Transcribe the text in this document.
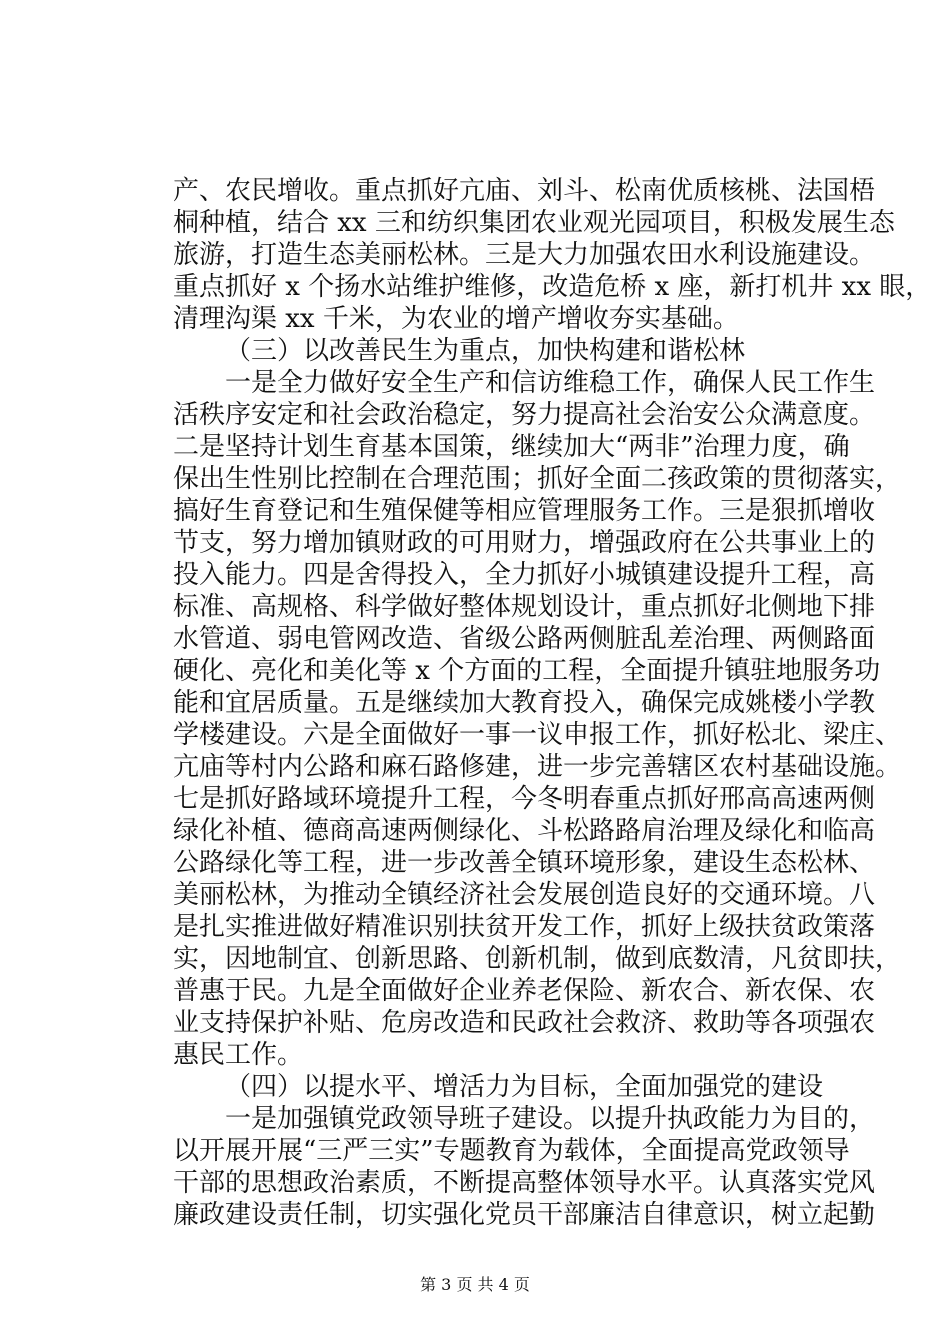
产、农民增收。重点抓好亢庙、刘斗、松南优质核桃、法国梧
桐种植，结合 xx 三和纺织集团农业观光园项目，积极发展生态
旅游，打造生态美丽松林。三是大力加强农田水利设施建设。
重点抓好 x 个扬水站维护维修，改造危桥 x 座，新打机井 xx 眼，
清理沟渠 xx 千米，为农业的增产增收夯实基础。
（三）以改善民生为重点，加快构建和谐松林
一是全力做好安全生产和信访维稳工作，确保人民工作生
活秩序安定和社会政治稳定，努力提高社会治安公众满意度。
二是坚持计划生育基本国策，继续加大“两非”治理力度，确
保出生性别比控制在合理范围；抓好全面二孩政策的贯彻落实，
搞好生育登记和生殖保健等相应管理服务工作。三是狠抓增收
节支，努力增加镇财政的可用财力，增强政府在公共事业上的
投入能力。四是舍得投入，全力抓好小城镇建设提升工程，高
标准、高规格、科学做好整体规划设计，重点抓好北侧地下排
水管道、弱电管网改造、省级公路两侧脏乱差治理、两侧路面
硬化、亮化和美化等 x 个方面的工程，全面提升镇驻地服务功
能和宜居质量。五是继续加大教育投入，确保完成姚楼小学教
学楼建设。六是全面做好一事一议申报工作，抓好松北、梁庄、
亢庙等村内公路和麻石路修建，进一步完善辖区农村基础设施。
七是抓好路域环境提升工程，今冬明春重点抓好邢高高速两侧
绿化补植、德商高速两侧绿化、斗松路路肩治理及绿化和临高
公路绿化等工程，进一步改善全镇环境形象，建设生态松林、
美丽松林，为推动全镇经济社会发展创造良好的交通环境。八
是扎实推进做好精准识别扶贫开发工作，抓好上级扶贫政策落
实，因地制宜、创新思路、创新机制，做到底数清，凡贫即扶，
普惠于民。九是全面做好企业养老保险、新农合、新农保、农
业支持保护补贴、危房改造和民政社会救济、救助等各项强农
惠民工作。
（四）以提水平、增活力为目标，全面加强党的建设
一是加强镇党政领导班子建设。以提升执政能力为目的，
以开展开展“三严三实”专题教育为载体，全面提高党政领导
干部的思想政治素质，不断提高整体领导水平。认真落实党风
廉政建设责任制，切实强化党员干部廉洁自律意识，树立起勤
第 3 页 共 4 页
